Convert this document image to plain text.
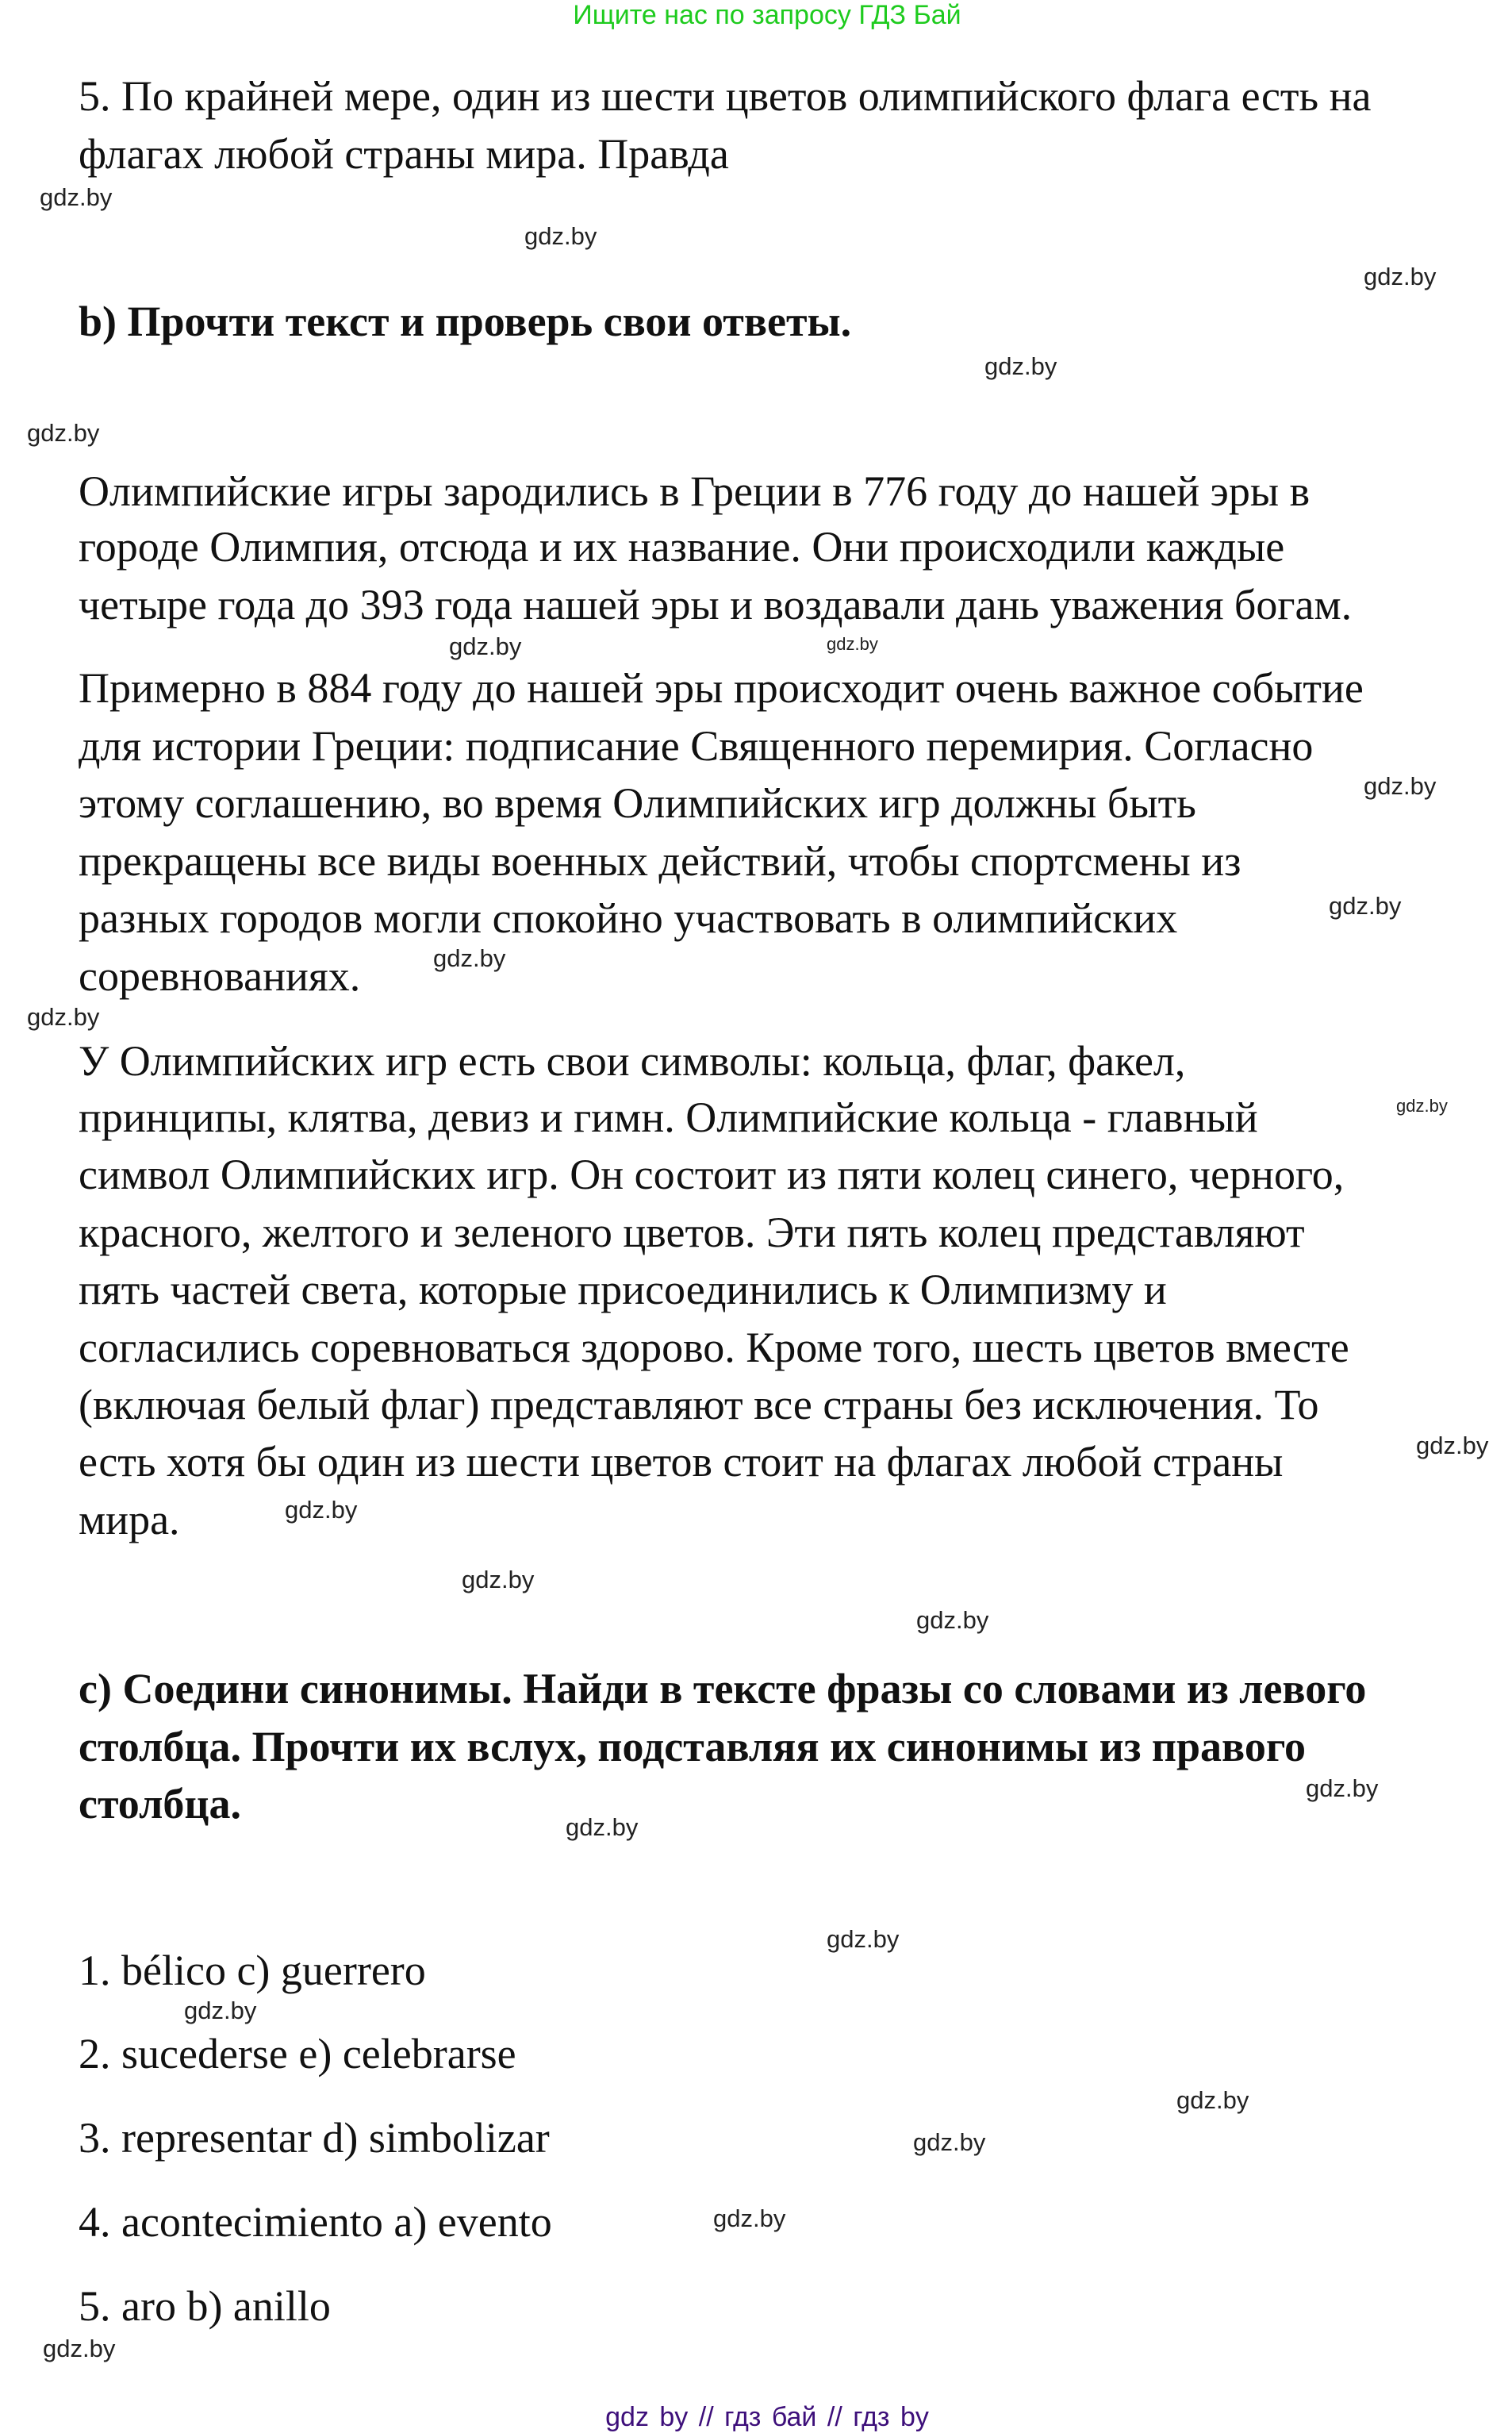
Ищите нас по запросу ГДЗ Бай
5. По крайней мере, один из шести цветов олимпийского флага есть на
флагах любой страны мира. Правда
b) Прочти текст и проверь свои ответы.
Олимпийские игры зародились в Греции в 776 году до нашей эры в
городе Олимпия, отсюда и их название. Они происходили каждые
четыре года до 393 года нашей эры и воздавали дань уважения богам.
Примерно в 884 году до нашей эры происходит очень важное событие
для истории Греции: подписание Священного перемирия. Согласно
этому соглашению, во время Олимпийских игр должны быть
прекращены все виды военных действий, чтобы спортсмены из
разных городов могли спокойно участвовать в олимпийских
соревнованиях.
У Олимпийских игр есть свои символы: кольца, флаг, факел,
принципы, клятва, девиз и гимн. Олимпийские кольца - главный
символ Олимпийских игр. Он состоит из пяти колец синего, черного,
красного, желтого и зеленого цветов. Эти пять колец представляют
пять частей света, которые присоединились к Олимпизму и
согласились соревноваться здорово. Кроме того, шесть цветов вместе
(включая белый флаг) представляют все страны без исключения. То
есть хотя бы один из шести цветов стоит на флагах любой страны
мира.
c) Соедини синонимы. Найди в тексте фразы со словами из левого
столбца. Прочти их вслух, подставляя их синонимы из правого
столбца.
1. bélico c) guerrero
2. sucederse e) celebrarse
3. representar d) simbolizar
4. acontecimiento a) evento
5. aro b) anillo
gdz.by
gdz.by
gdz.by
gdz.by
gdz.by
gdz.by
gdz.by
gdz.by
gdz.by
gdz.by
gdz.by
gdz.by
gdz.by
gdz.by
gdz.by
gdz.by
gdz.by
gdz.by
gdz.by
gdz.by
gdz.by
gdz.by
gdz.by
gdz.by
gdz by // гдз бай // гдз by
